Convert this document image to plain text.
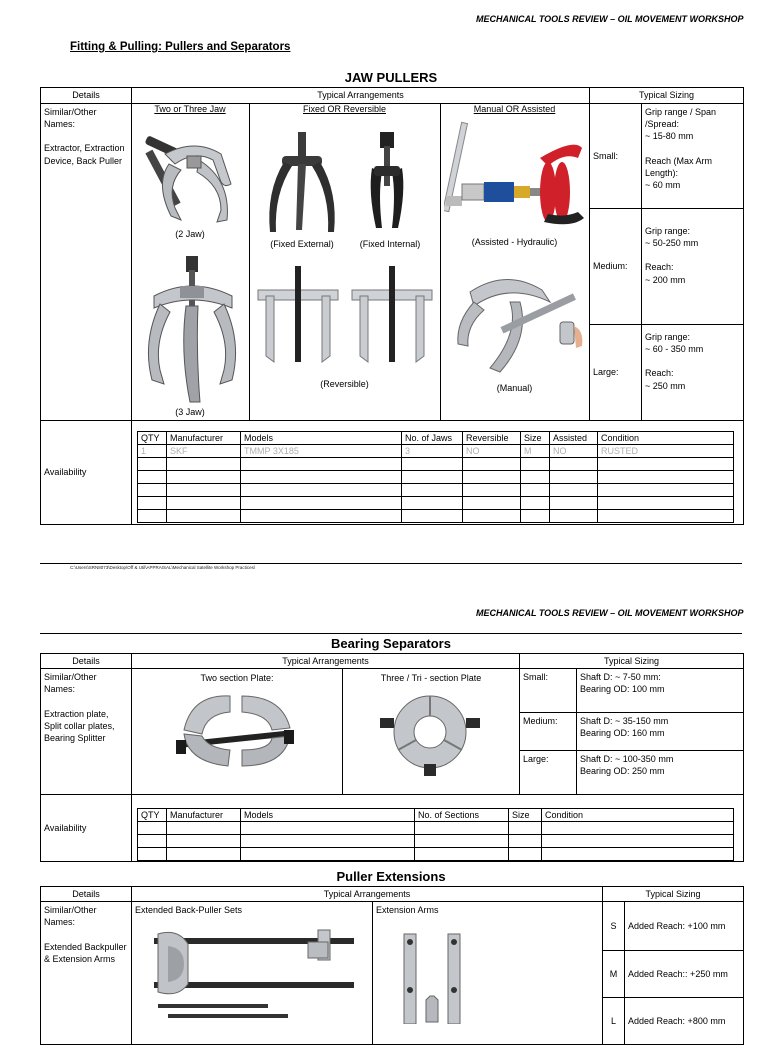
MECHANICAL TOOLS REVIEW – OIL MOVEMENT WORKSHOP
Fitting & Pulling: Pullers and Separators
JAW PULLERS
Details	Typical Arrangements			Typical Sizing	
Similar/Other Names:

Extractor, Extraction Device, Back Puller				Small:	Grip range / Span /Spread:
~ 15-80 mm

Reach (Max Arm Length):
~ 60 mm
				Medium:	Grip range:
~ 50-250 mm

Reach:
~ 200 mm
				Large:	Grip range:
~ 60 - 350 mm

Reach:
~ 250 mm
Availability					
Two or Three Jaw	Fixed OR Reversible	Manual OR Assisted
(2 Jaw)
(3 Jaw)
(Fixed External)	(Fixed Internal)
(Reversible)
(Assisted - Hydraulic)
(Manual)
QTY	Manufacturer	Models	No. of Jaws	Reversible	Size	Assisted	Condition
1	SKF	TMMP 3X185	3	NO	M	NO	RUSTED

C:\Users\SRN8073\Desktop\Off & Util\APPRAISAL\Mechanical Satellite Workshop Practices\
MECHANICAL TOOLS REVIEW – OIL MOVEMENT WORKSHOP
Bearing Separators
Details	Typical Arrangements		Typical Sizing	
Similar/Other Names:

Extraction plate, Split collar plates, Bearing Splitter	Two section Plate:	Three / Tri - section Plate	Small:	Shaft D: ~ 7-50 mm:
Bearing OD: 100 mm
			Medium:	Shaft D: ~ 35-150 mm
Bearing OD: 160 mm
			Large:	Shaft D: ~ 100-350 mm
Bearing OD: 250 mm
Availability				
QTY	Manufacturer	Models	No. of Sections	Size	Condition

Puller Extensions
Details	Typical Arrangements		Typical Sizing	
Similar/Other Names:

Extended Backpuller & Extension Arms	Extended Back-Puller Sets	Extension Arms	S	Added Reach: +100 mm
			M	Added Reach:: +250 mm
			L	Added Reach: +800 mm
